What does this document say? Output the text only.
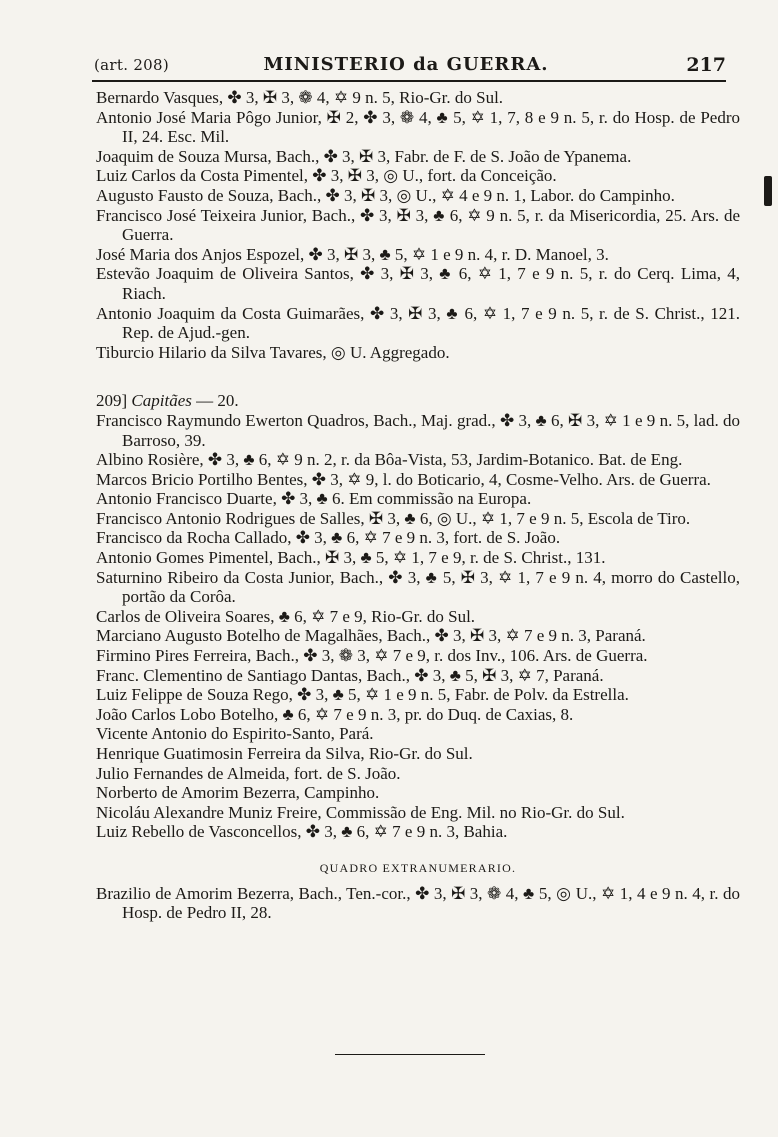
(art. 208)	MINISTERIO da GUERRA.	217
Bernardo Vasques, ✤ 3, ✠ 3, ❁ 4, ✡ 9 n. 5, Rio-Gr. do Sul.
Antonio José Maria Pôgo Junior, ✠ 2, ✤ 3, ❁ 4, ♣ 5, ✡ 1, 7, 8 e 9 n. 5, r. do Hosp. de Pedro II, 24. Esc. Mil.
Joaquim de Souza Mursa, Bach., ✤ 3, ✠ 3, Fabr. de F. de S. João de Ypanema.
Luiz Carlos da Costa Pimentel, ✤ 3, ✠ 3, ◎ U., fort. da Conceição.
Augusto Fausto de Souza, Bach., ✤ 3, ✠ 3, ◎ U., ✡ 4 e 9 n. 1, Labor. do Campinho.
Francisco José Teixeira Junior, Bach., ✤ 3, ✠ 3, ♣ 6, ✡ 9 n. 5, r. da Misericordia, 25. Ars. de Guerra.
José Maria dos Anjos Espozel, ✤ 3, ✠ 3, ♣ 5, ✡ 1 e 9 n. 4, r. D. Manoel, 3.
Estevão Joaquim de Oliveira Santos, ✤ 3, ✠ 3, ♣ 6, ✡ 1, 7 e 9 n. 5, r. do Cerq. Lima, 4, Riach.
Antonio Joaquim da Costa Guimarães, ✤ 3, ✠ 3, ♣ 6, ✡ 1, 7 e 9 n. 5, r. de S. Christ., 121. Rep. de Ajud.-gen.
Tiburcio Hilario da Silva Tavares, ◎ U. Aggregado.
209] Capitães — 20.
Francisco Raymundo Ewerton Quadros, Bach., Maj. grad., ✤ 3, ♣ 6, ✠ 3, ✡ 1 e 9 n. 5, lad. do Barroso, 39.
Albino Rosière, ✤ 3, ♣ 6, ✡ 9 n. 2, r. da Bôa-Vista, 53, Jardim-Botanico. Bat. de Eng.
Marcos Bricio Portilho Bentes, ✤ 3, ✡ 9, l. do Boticario, 4, Cosme-Velho. Ars. de Guerra.
Antonio Francisco Duarte, ✤ 3, ♣ 6. Em commissão na Europa.
Francisco Antonio Rodrigues de Salles, ✠ 3, ♣ 6, ◎ U., ✡ 1, 7 e 9 n. 5, Escola de Tiro.
Francisco da Rocha Callado, ✤ 3, ♣ 6, ✡ 7 e 9 n. 3, fort. de S. João.
Antonio Gomes Pimentel, Bach., ✠ 3, ♣ 5, ✡ 1, 7 e 9, r. de S. Christ., 131.
Saturnino Ribeiro da Costa Junior, Bach., ✤ 3, ♣ 5, ✠ 3, ✡ 1, 7 e 9 n. 4, morro do Castello, portão da Corôa.
Carlos de Oliveira Soares, ♣ 6, ✡ 7 e 9, Rio-Gr. do Sul.
Marciano Augusto Botelho de Magalhães, Bach., ✤ 3, ✠ 3, ✡ 7 e 9 n. 3, Paraná.
Firmino Pires Ferreira, Bach., ✤ 3, ❁ 3, ✡ 7 e 9, r. dos Inv., 106. Ars. de Guerra.
Franc. Clementino de Santiago Dantas, Bach., ✤ 3, ♣ 5, ✠ 3, ✡ 7, Paraná.
Luiz Felippe de Souza Rego, ✤ 3, ♣ 5, ✡ 1 e 9 n. 5, Fabr. de Polv. da Estrella.
João Carlos Lobo Botelho, ♣ 6, ✡ 7 e 9 n. 3, pr. do Duq. de Caxias, 8.
Vicente Antonio do Espirito-Santo, Pará.
Henrique Guatimosin Ferreira da Silva, Rio-Gr. do Sul.
Julio Fernandes de Almeida, fort. de S. João.
Norberto de Amorim Bezerra, Campinho.
Nicoláu Alexandre Muniz Freire, Commissão de Eng. Mil. no Rio-Gr. do Sul.
Luiz Rebello de Vasconcellos, ✤ 3, ♣ 6, ✡ 7 e 9 n. 3, Bahia.
QUADRO EXTRANUMERARIO.
Brazilio de Amorim Bezerra, Bach., Ten.-cor., ✤ 3, ✠ 3, ❁ 4, ♣ 5, ◎ U., ✡ 1, 4 e 9 n. 4, r. do Hosp. de Pedro II, 28.
